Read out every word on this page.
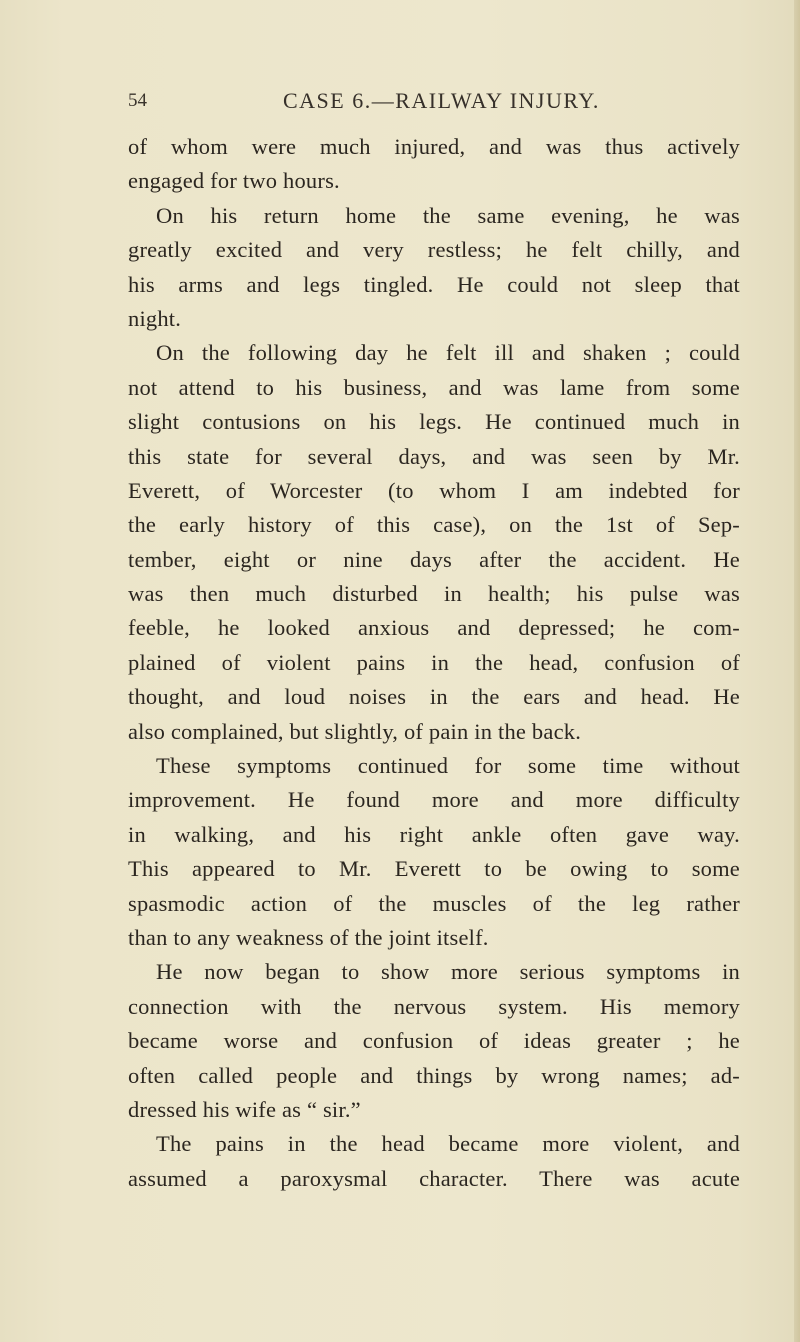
54	CASE 6.—RAILWAY INJURY.
of whom were much injured, and was thus actively
engaged for two hours.
On his return home the same evening, he was
greatly excited and very restless; he felt chilly, and
his arms and legs tingled. He could not sleep that
night.
On the following day he felt ill and shaken ; could
not attend to his business, and was lame from some
slight contusions on his legs. He continued much in
this state for several days, and was seen by Mr.
Everett, of Worcester (to whom I am indebted for
the early history of this case), on the 1st of Sep-
tember, eight or nine days after the accident. He
was then much disturbed in health; his pulse was
feeble, he looked anxious and depressed; he com-
plained of violent pains in the head, confusion of
thought, and loud noises in the ears and head. He
also complained, but slightly, of pain in the back.
These symptoms continued for some time without
improvement. He found more and more difficulty
in walking, and his right ankle often gave way.
This appeared to Mr. Everett to be owing to some
spasmodic action of the muscles of the leg rather
than to any weakness of the joint itself.
He now began to show more serious symptoms in
connection with the nervous system. His memory
became worse and confusion of ideas greater ; he
often called people and things by wrong names; ad-
dressed his wife as “ sir.”
The pains in the head became more violent, and
assumed a paroxysmal character. There was acute
